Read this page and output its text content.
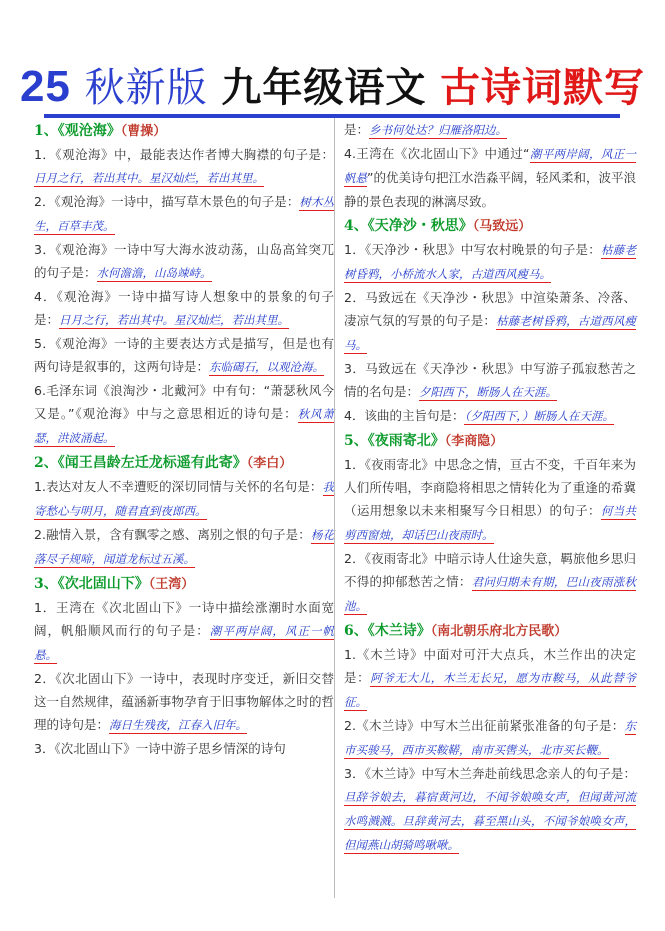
25 秋新版 九年级语文 古诗词默写
1、《观沧海》（曹操）

1．《观沧海》中，最能表达作者博大胸襟的句子是：日月之行，若出其中。星汉灿烂，若出其里。

2．《观沧海》一诗中，描写草木景色的句子是：树木丛生，百草丰茂。

3．《观沧海》一诗中写大海水波动荡，山岛高耸突兀的句子是：水何澹澹，山岛竦峙。

4．《观沧海》一诗中描写诗人想象中的景象的句子是：日月之行，若出其中。星汉灿烂，若出其里。

5．《观沧海》一诗的主要表达方式是描写，但是也有两句诗是叙事的，这两句诗是：东临碣石，以观沧海。

6.毛泽东词《浪淘沙・北戴河》中有句：“萧瑟秋风今又是。”《观沧海》中与之意思相近的诗句是：秋风萧瑟，洪波涌起。

2、《闻王昌龄左迁龙标遥有此寄》（李白）

1.表达对友人不幸遭贬的深切同情与关怀的名句是：我寄愁心与明月，随君直到夜郎西。

2.融情入景，含有飘零之感、离别之恨的句子是：杨花落尽子规啼，闻道龙标过五溪。

3、《次北固山下》（王湾）

1．王湾在《次北固山下》一诗中描绘涨潮时水面宽阔，帆船顺风而行的句子是：潮平两岸阔，风正一帆悬。

2．《次北固山下》一诗中，表现时序变迁，新旧交替这一自然规律，蕴涵新事物孕育于旧事物解体之时的哲理的诗句是：海日生残夜，江春入旧年。

3．《次北固山下》一诗中游子思乡情深的诗句

是：乡书何处达？归雁洛阳边。

4.王湾在《次北固山下》中通过“潮平两岸阔，风正一帆悬”的优美诗句把江水浩淼平阔，轻风柔和，波平浪静的景色表现的淋漓尽致。

4、《天净沙・秋思》（马致远）

1．《天净沙・秋思》中写农村晚景的句子是：枯藤老树昏鸦，小桥流水人家，古道西风瘦马。

2．马致远在《天净沙・秋思》中渲染萧条、冷落、凄凉气氛的写景的句子是：枯藤老树昏鸦，古道西风瘦马。

3．马致远在《天净沙・秋思》中写游子孤寂愁苦之情的名句是：夕阳西下，断肠人在天涯。

4．该曲的主旨句是：（夕阳西下，）断肠人在天涯。

5、《夜雨寄北》（李商隐）

1．《夜雨寄北》中思念之情，亘古不变，千百年来为人们所传唱，李商隐将相思之情转化为了重逢的希冀（运用想象以未来相聚写今日相思）的句子：何当共剪西窗烛，却话巴山夜雨时。

2．《夜雨寄北》中暗示诗人仕途失意，羁旅他乡思归不得的抑郁愁苦之情：君问归期未有期，巴山夜雨涨秋池。

6、《木兰诗》（南北朝乐府北方民歌）

1.《木兰诗》中面对可汗大点兵，木兰作出的决定是：阿爷无大儿，木兰无长兄，愿为市鞍马，从此替爷征。

2.《木兰诗》中写木兰出征前紧张准备的句子是：东市买骏马，西市买鞍鞯，南市买辔头，北市买长鞭。

3．《木兰诗》中写木兰奔赴前线思念亲人的句子是：旦辞爷娘去，暮宿黄河边，不闻爷娘唤女声，但闻黄河流水鸣溅溅。旦辞黄河去，暮至黑山头，不闻爷娘唤女声，但闻燕山胡骑鸣啾啾。
